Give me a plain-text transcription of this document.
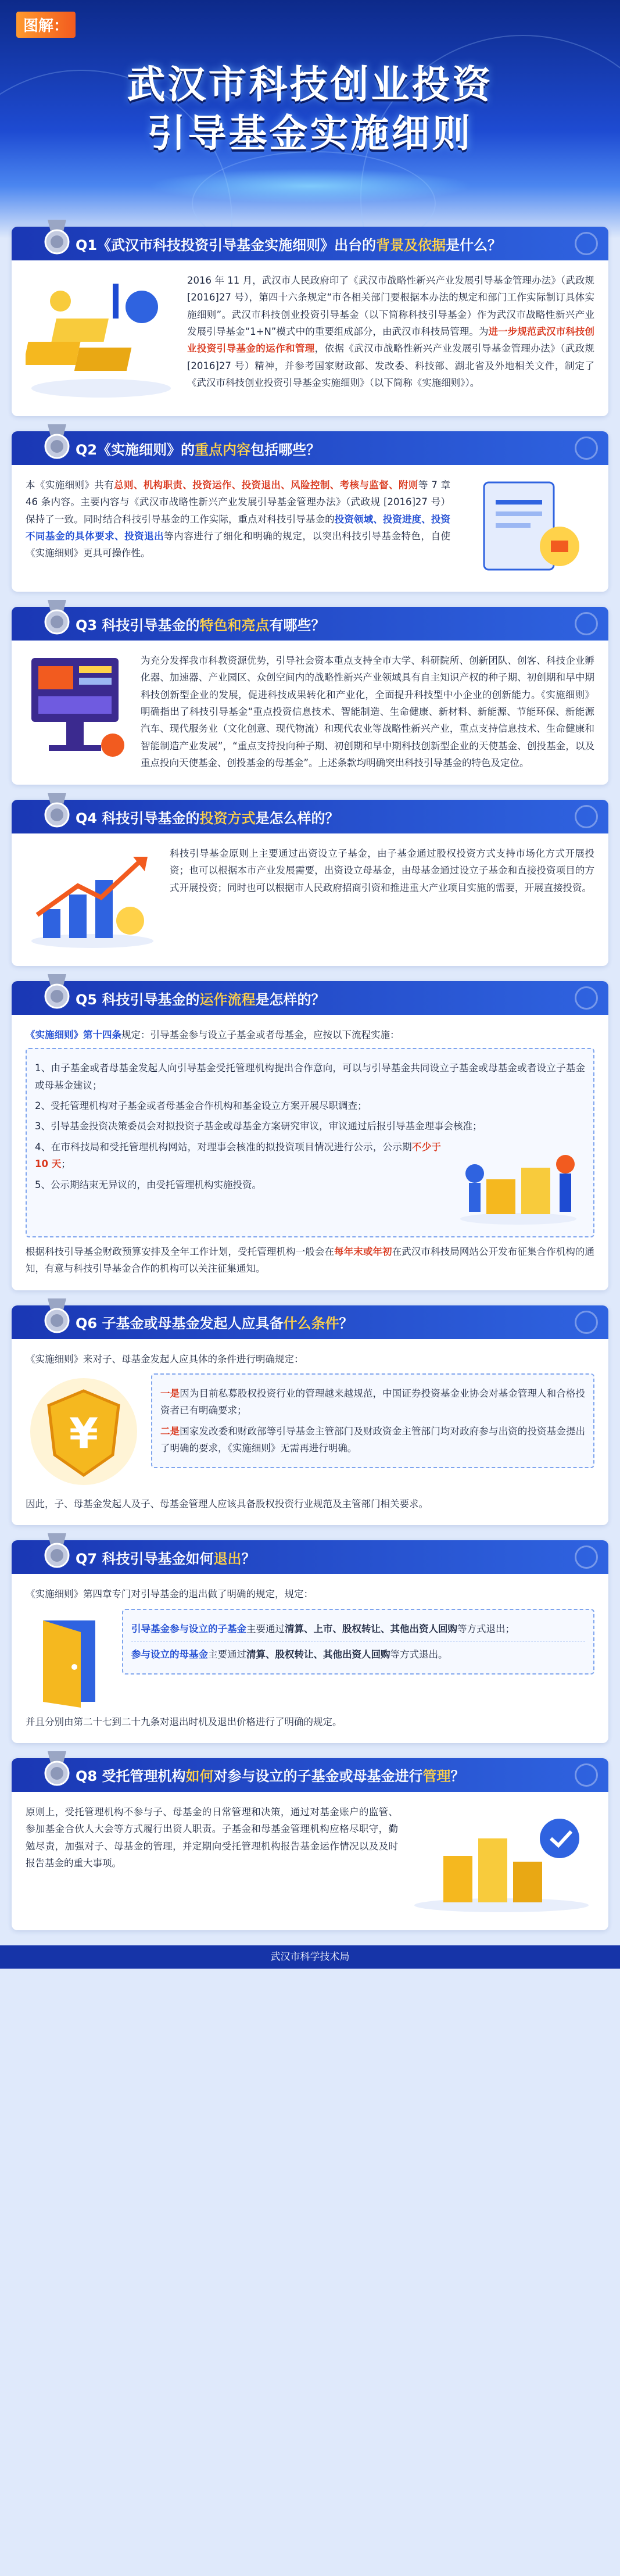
图解：
武汉市科技创业投资
引导基金实施细则
Q1《武汉市科技投资引导基金实施细则》出台的背景及依据是什么？
2016 年 11 月，武汉市人民政府印了《武汉市战略性新兴产业发展引导基金管理办法》（武政规 [2016]27 号），第四十六条规定“市各相关部门要根据本办法的规定和部门工作实际制订具体实施细则”。武汉市科技创业投资引导基金（以下简称科技引导基金）作为武汉市战略性新兴产业发展引导基金“1+N”模式中的重要组成部分，由武汉市科技局管理。为进一步规范武汉市科技创业投资引导基金的运作和管理，依据《武汉市战略性新兴产业发展引导基金管理办法》（武政规 [2016]27 号）精神，并参考国家财政部、发改委、科技部、湖北省及外地相关文件，制定了《武汉市科技创业投资引导基金实施细则》（以下简称《实施细则》）。
Q2《实施细则》的重点内容包括哪些？
本《实施细则》共有总则、机构职责、投资运作、投资退出、风险控制、考核与监督、附则等 7 章 46 条内容。主要内容与《武汉市战略性新兴产业发展引导基金管理办法》（武政规 [2016]27 号）保持了一致。同时结合科技引导基金的工作实际，重点对科技引导基金的投资领域、投资进度、投资不同基金的具体要求、投资退出等内容进行了细化和明确的规定，以突出科技引导基金特色，自使《实施细则》更具可操作性。
Q3 科技引导基金的特色和亮点有哪些？
为充分发挥我市科教资源优势，引导社会资本重点支持全市大学、科研院所、创新团队、创客、科技企业孵化器、加速器、产业园区、众创空间内的战略性新兴产业领域具有自主知识产权的种子期、初创期和早中期科技创新型企业的发展，促进科技成果转化和产业化，全面提升科技型中小企业的创新能力。《实施细则》明确指出了科技引导基金“重点投资信息技术、智能制造、生命健康、新材料、新能源、节能环保、新能源汽车、现代服务业（文化创意、现代物流）和现代农业等战略性新兴产业，重点支持信息技术、生命健康和智能制造产业发展”，“重点支持投向种子期、初创期和早中期科技创新型企业的天使基金、创投基金，以及重点投向天使基金、创投基金的母基金”。上述条款均明确突出科技引导基金的特色及定位。
Q4 科技引导基金的投资方式是怎么样的？
科技引导基金原则上主要通过出资设立子基金，由子基金通过股权投资方式支持市场化方式开展投资；也可以根据本市产业发展需要，出资设立母基金，由母基金通过设立子基金和直接投资项目的方式开展投资；同时也可以根据市人民政府招商引资和推进重大产业项目实施的需要，开展直接投资。
Q5 科技引导基金的运作流程是怎样的？
《实施细则》第十四条规定：引导基金参与设立子基金或者母基金，应按以下流程实施：
1、由子基金或者母基金发起人向引导基金受托管理机构提出合作意向，可以与引导基金共同设立子基金或母基金或者设立子基金或母基金建议；
2、受托管理机构对子基金或者母基金合作机构和基金设立方案开展尽职调查；
3、引导基金投资决策委员会对拟投资子基金或母基金方案研究审议，审议通过后报引导基金理事会核准；
4、在市科技局和受托管理机构网站，对理事会核准的拟投资项目情况进行公示，公示期不少于 10 天；
5、公示期结束无异议的，由受托管理机构实施投资。
根据科技引导基金财政预算安排及全年工作计划，受托管理机构一般会在每年末或年初在武汉市科技局网站公开发布征集合作机构的通知，有意与科技引导基金合作的机构可以关注征集通知。
Q6 子基金或母基金发起人应具备什么条件？
《实施细则》来对子、母基金发起人应具体的条件进行明确规定：
¥
一是因为目前私募股权投资行业的管理越来越规范，中国证券投资基金业协会对基金管理人和合格投资者已有明确要求；
二是国家发改委和财政部等引导基金主管部门及财政资金主管部门均对政府参与出资的投资基金提出了明确的要求，《实施细则》无需再进行明确。
因此，子、母基金发起人及子、母基金管理人应该具备股权投资行业规范及主管部门相关要求。
Q7 科技引导基金如何退出？
《实施细则》第四章专门对引导基金的退出做了明确的规定，规定：
引导基金参与设立的子基金主要通过清算、上市、股权转让、其他出资人回购等方式退出；
参与设立的母基金主要通过清算、股权转让、其他出资人回购等方式退出。
并且分别由第二十七到二十九条对退出时机及退出价格进行了明确的规定。
Q8 受托管理机构如何对参与设立的子基金或母基金进行管理？
原则上，受托管理机构不参与子、母基金的日常管理和决策，通过对基金账户的监管、参加基金合伙人大会等方式履行出资人职责。子基金和母基金管理机构应格尽职守，勤勉尽责，加强对子、母基金的管理，并定期向受托管理机构报告基金运作情况以及及时报告基金的重大事项。
武汉市科学技术局
